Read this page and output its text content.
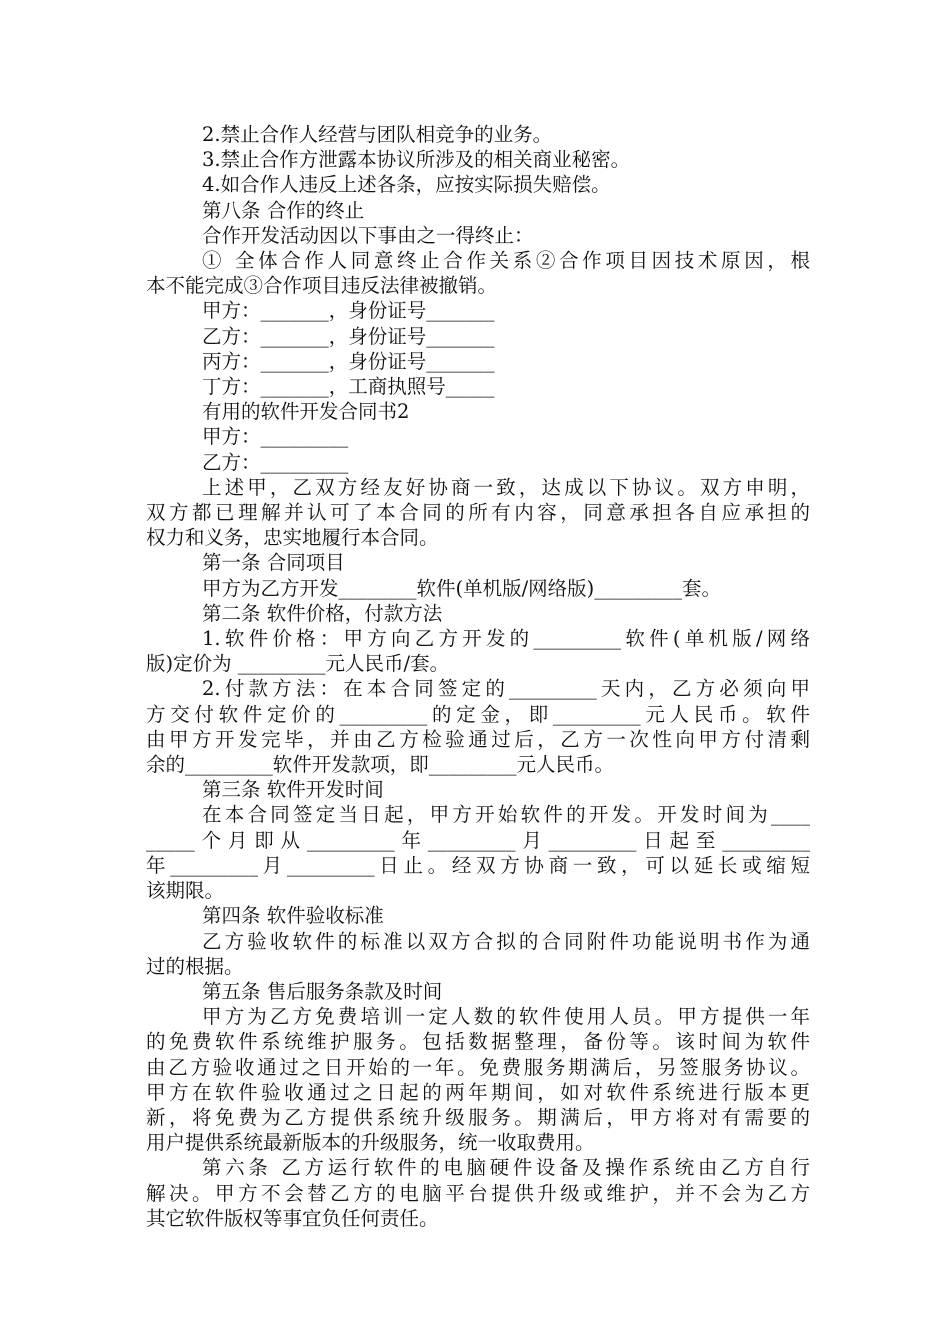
2.禁止合作人经营与团队相竞争的业务。
3.禁止合作方泄露本协议所涉及的相关商业秘密。
4.如合作人违反上述各条，应按实际损失赔偿。
第八条 合作的终止
合作开发活动因以下事由之一得终止：
① 全体合作人同意终止合作关系②合作项目因技术原因，根
本不能完成③合作项目违反法律被撤销。
甲方：_______，身份证号_______
乙方：_______，身份证号_______
丙方：_______，身份证号_______
丁方：_______，工商执照号_____
有用的软件开发合同书2
甲方：_________
乙方：_________
上述甲，乙双方经友好协商一致，达成以下协议。双方申明，
双方都已理解并认可了本合同的所有内容，同意承担各自应承担的
权力和义务，忠实地履行本合同。
第一条 合同项目
甲方为乙方开发________软件(单机版/网络版)_________套。
第二条 软件价格，付款方法
1.软件价格：甲方向乙方开发的_________软件(单机版/网络
版)定价为 _________元人民币/套。
2.付款方法：在本合同签定的_________天内，乙方必须向甲
方交付软件定价的_________的定金，即_________元人民币。软件
由甲方开发完毕，并由乙方检验通过后，乙方一次性向甲方付清剩
余的_________软件开发款项，即_________元人民币。
第三条 软件开发时间
在本合同签定当日起，甲方开始软件的开发。开发时间为____
_____个月即从_________年_________月_________日起至_________
年_________月_________日止。经双方协商一致，可以延长或缩短
该期限。
第四条 软件验收标准
乙方验收软件的标准以双方合拟的合同附件功能说明书作为通
过的根据。
第五条 售后服务条款及时间
甲方为乙方免费培训一定人数的软件使用人员。甲方提供一年
的免费软件系统维护服务。包括数据整理，备份等。该时间为软件
由乙方验收通过之日开始的一年。免费服务期满后，另签服务协议。
甲方在软件验收通过之日起的两年期间，如对软件系统进行版本更
新，将免费为乙方提供系统升级服务。期满后，甲方将对有需要的
用户提供系统最新版本的升级服务，统一收取费用。
第六条 乙方运行软件的电脑硬件设备及操作系统由乙方自行
解决。甲方不会替乙方的电脑平台提供升级或维护，并不会为乙方
其它软件版权等事宜负任何责任。
